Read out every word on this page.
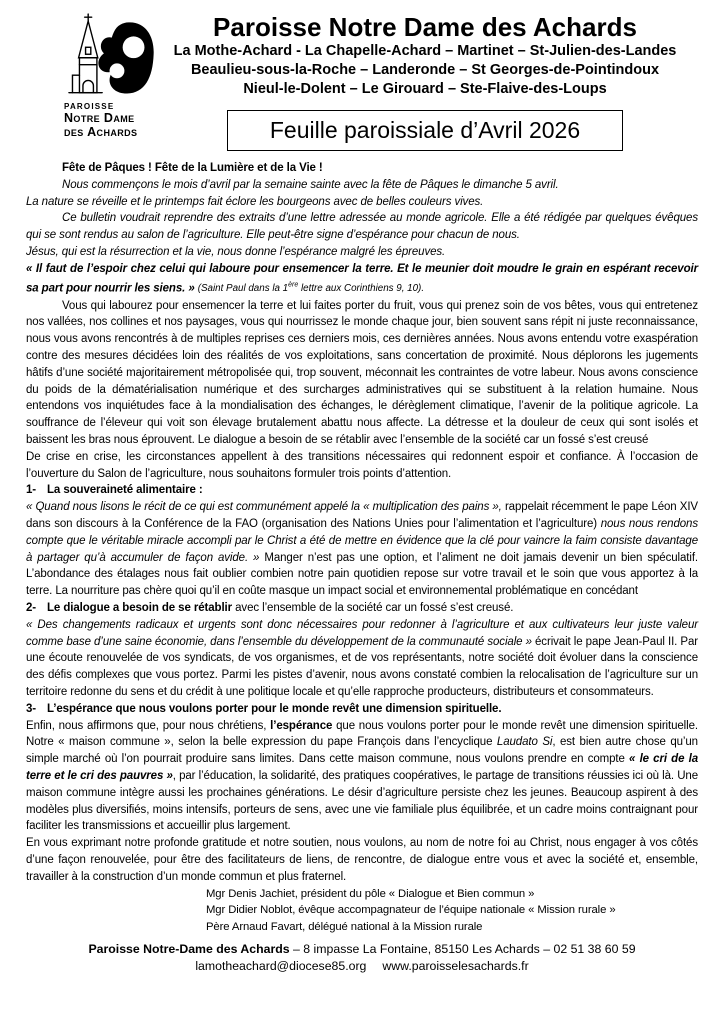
PAROISSE
Notre Dame
des Achards
Paroisse Notre Dame des Achards
La Mothe-Achard - La Chapelle-Achard – Martinet – St-Julien-des-Landes
Beaulieu-sous-la-Roche – Landeronde – St Georges-de-Pointindoux
Nieul-le-Dolent – Le Girouard – Ste-Flaive-des-Loups
Feuille paroissiale d’Avril 2026

Fête de Pâques ! Fête de la Lumière et de la Vie !

Nous commençons le mois d’avril par la semaine sainte avec la fête de Pâques le dimanche 5 avril.

La nature se réveille et le printemps fait éclore les bourgeons avec de belles couleurs vives.

Ce bulletin voudrait reprendre des extraits d’une lettre adressée au monde agricole. Elle a été rédigée par quelques évêques qui se sont rendus au salon de l’agriculture. Elle peut-être signe d’espérance pour chacun de nous.

Jésus, qui est la résurrection et la vie, nous donne l’espérance malgré les épreuves.

« Il faut de l’espoir chez celui qui laboure pour ensemencer la terre. Et le meunier doit moudre le grain en espérant recevoir sa part pour nourrir les siens. » (Saint Paul dans la 1ère lettre aux Corinthiens 9, 10).

Vous qui labourez pour ensemencer la terre et lui faites porter du fruit, vous qui prenez soin de vos bêtes, vous qui entretenez nos vallées, nos collines et nos paysages, vous qui nourrissez le monde chaque jour, bien souvent sans répit ni juste reconnaissance, nous vous avons rencontrés à de multiples reprises ces derniers mois, ces dernières années. Nous avons entendu votre exaspération contre des mesures décidées loin des réalités de vos exploitations, sans concertation de proximité. Nous déplorons les jugements hâtifs d’une société majoritairement métropolisée qui, trop souvent, méconnait les contraintes de votre labeur. Nous avons conscience du poids de la dématérialisation numérique et des surcharges administratives qui se substituent à la relation humaine. Nous entendons vos inquiétudes face à la mondialisation des échanges, le dérèglement climatique, l’avenir de la politique agricole. La souffrance de l’éleveur qui voit son élevage brutalement abattu nous affecte. La détresse et la douleur de ceux qui sont isolés et baissent les bras nous éprouvent. Le dialogue a besoin de se rétablir avec l’ensemble de la société car un fossé s’est creusé

De crise en crise, les circonstances appellent à des transitions nécessaires qui redonnent espoir et confiance. À l’occasion de l’ouverture du Salon de l’agriculture, nous souhaitons formuler trois points d’attention.

1- La souveraineté alimentaire :

« Quand nous lisons le récit de ce qui est communément appelé la « multiplication des pains », rappelait récemment le pape Léon XIV dans son discours à la Conférence de la FAO (organisation des Nations Unies pour l’alimentation et l’agriculture) nous nous rendons compte que le véritable miracle accompli par le Christ a été de mettre en évidence que la clé pour vaincre la faim consiste davantage à partager qu’à accumuler de façon avide. » Manger n’est pas une option, et l’aliment ne doit jamais devenir un bien spéculatif. L’abondance des étalages nous fait oublier combien notre pain quotidien repose sur votre travail et le soin que vous apportez à la terre. La nourriture pas chère quoi qu’il en coûte masque un impact social et environnemental problématique en concédant

2- Le dialogue a besoin de se rétablir avec l’ensemble de la société car un fossé s’est creusé.

« Des changements radicaux et urgents sont donc nécessaires pour redonner à l’agriculture et aux cultivateurs leur juste valeur comme base d’une saine économie, dans l’ensemble du développement de la communauté sociale » écrivait le pape Jean-Paul II. Par une écoute renouvelée de vos syndicats, de vos organismes, et de vos représentants, notre société doit évoluer dans la conscience des défis complexes que vous portez. Parmi les pistes d’avenir, nous avons constaté combien la relocalisation de l’agriculture sur un territoire redonne du sens et du crédit à une politique locale et qu’elle rapproche producteurs, distributeurs et consommateurs.

3- L’espérance que nous voulons porter pour le monde revêt une dimension spirituelle.

Enfin, nous affirmons que, pour nous chrétiens, l’espérance que nous voulons porter pour le monde revêt une dimension spirituelle. Notre « maison commune », selon la belle expression du pape François dans l’encyclique Laudato Si, est bien autre chose qu’un simple marché où l’on pourrait produire sans limites. Dans cette maison commune, nous voulons prendre en compte « le cri de la terre et le cri des pauvres », par l’éducation, la solidarité, des pratiques coopératives, le partage de transitions réussies ici où là. Une maison commune intègre aussi les prochaines générations. Le désir d’agriculture persiste chez les jeunes. Beaucoup aspirent à des modèles plus diversifiés, moins intensifs, porteurs de sens, avec une vie familiale plus équilibrée, et un cadre moins contraignant pour faciliter les transmissions et accueillir plus largement.

En vous exprimant notre profonde gratitude et notre soutien, nous voulons, au nom de notre foi au Christ, nous engager à vos côtés d’une façon renouvelée, pour être des facilitateurs de liens, de rencontre, de dialogue entre vous et avec la société et, ensemble, travailler à la construction d’un monde commun et plus fraternel.

Mgr Denis Jachiet, président du pôle « Dialogue et Bien commun »

Mgr Didier Noblot, évêque accompagnateur de l’équipe nationale « Mission rurale »

Père Arnaud Favart, délégué national à la Mission rurale

Paroisse Notre-Dame des Achards – 8 impasse La Fontaine, 85150 Les Achards – 02 51 38 60 59
lamotheachard@diocese85.org www.paroisselesachards.fr
